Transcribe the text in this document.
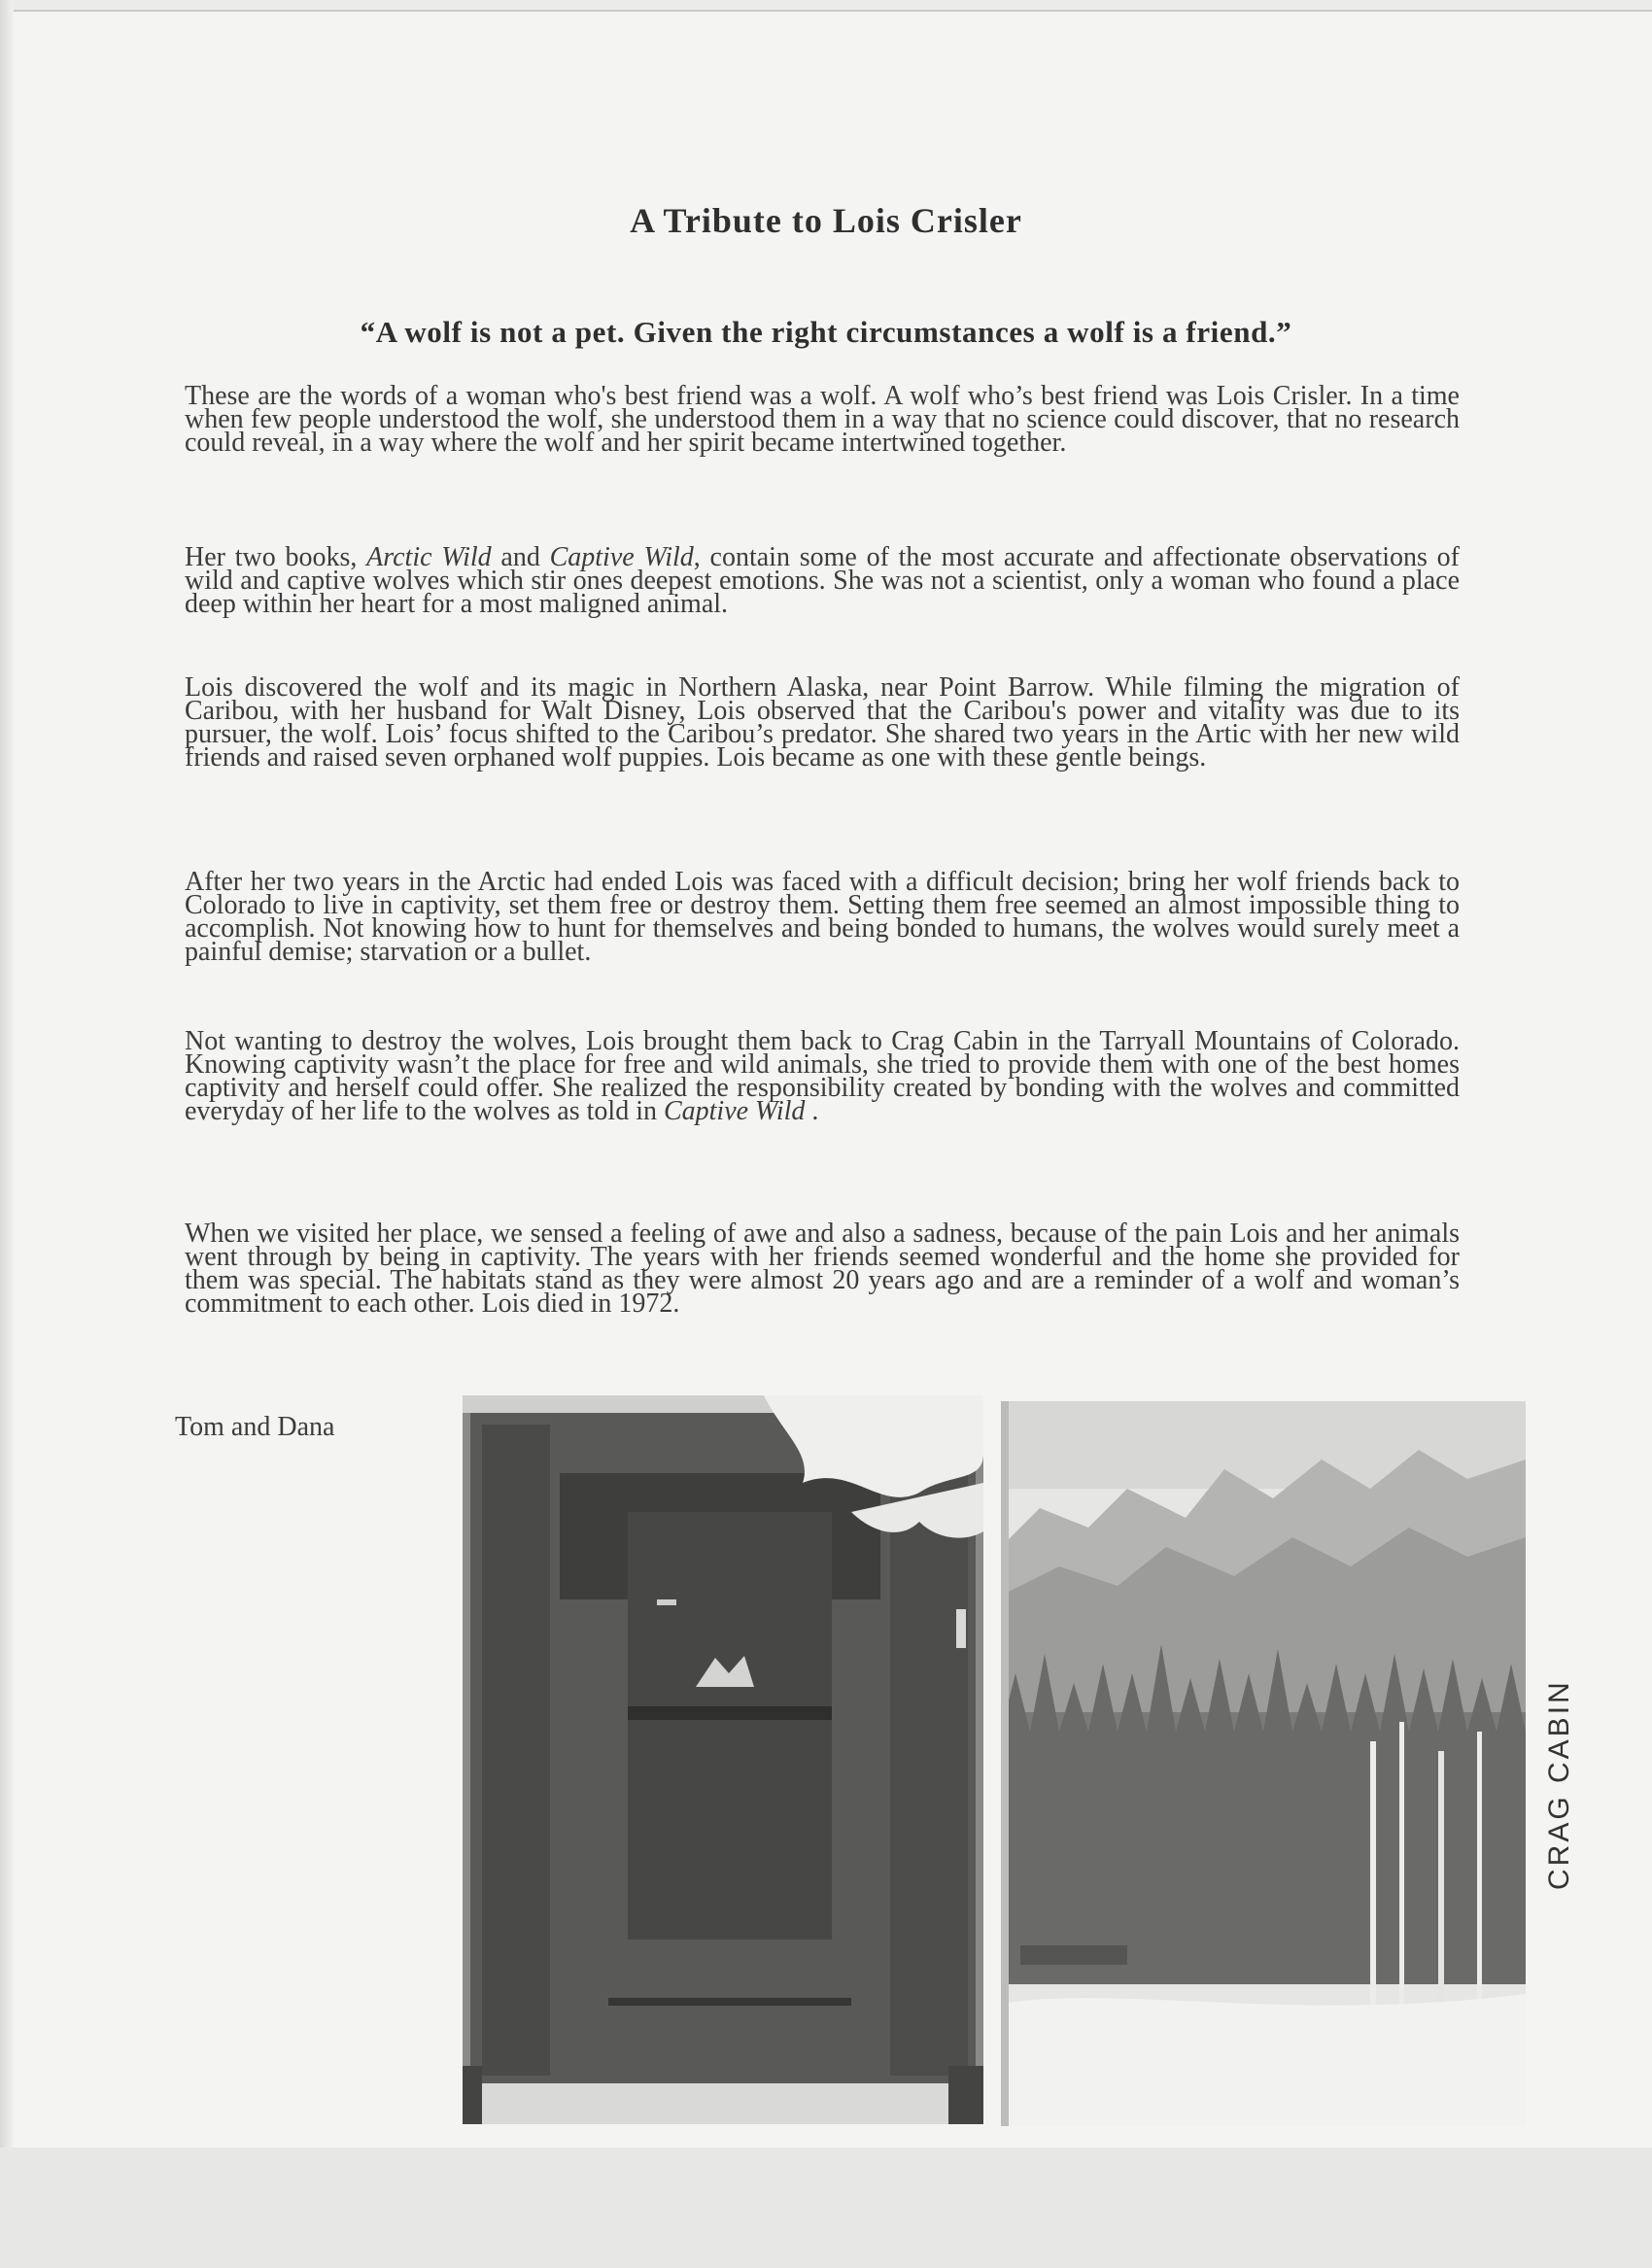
A Tribute to Lois Crisler

“A wolf is not a pet. Given the right circumstances a wolf is a friend.”

These are the words of a woman who's best friend was a wolf. A wolf who’s best friend was Lois Crisler. In a time when few people understood the wolf, she understood them in a way that no science could discover, that no research could reveal, in a way where the wolf and her spirit became intertwined together.

Her two books, Arctic Wild and Captive Wild, contain some of the most accurate and affectionate observations of wild and captive wolves which stir ones deepest emotions. She was not a scientist, only a woman who found a place deep within her heart for a most maligned animal.

Lois discovered the wolf and its magic in Northern Alaska, near Point Barrow. While filming the migration of Caribou, with her husband for Walt Disney, Lois observed that the Caribou's power and vitality was due to its pursuer, the wolf. Lois’ focus shifted to the Caribou’s predator. She shared two years in the Artic with her new wild friends and raised seven orphaned wolf puppies. Lois became as one with these gentle beings.

After her two years in the Arctic had ended Lois was faced with a difficult decision; bring her wolf friends back to Colorado to live in captivity, set them free or destroy them. Setting them free seemed an almost impossible thing to accomplish. Not knowing how to hunt for themselves and being bonded to humans, the wolves would surely meet a painful demise; starvation or a bullet.

Not wanting to destroy the wolves, Lois brought them back to Crag Cabin in the Tarryall Mountains of Colorado. Knowing captivity wasn’t the place for free and wild animals, she tried to provide them with one of the best homes captivity and herself could offer. She realized the responsibility created by bonding with the wolves and committed everyday of her life to the wolves as told in Captive Wild .

When we visited her place, we sensed a feeling of awe and also a sadness, because of the pain Lois and her animals went through by being in captivity. The years with her friends seemed wonderful and the home she provided for them was special. The habitats stand as they were almost 20 years ago and are a reminder of a wolf and woman’s commitment to each other. Lois died in 1972.

Tom and Dana

CRAG CABIN
